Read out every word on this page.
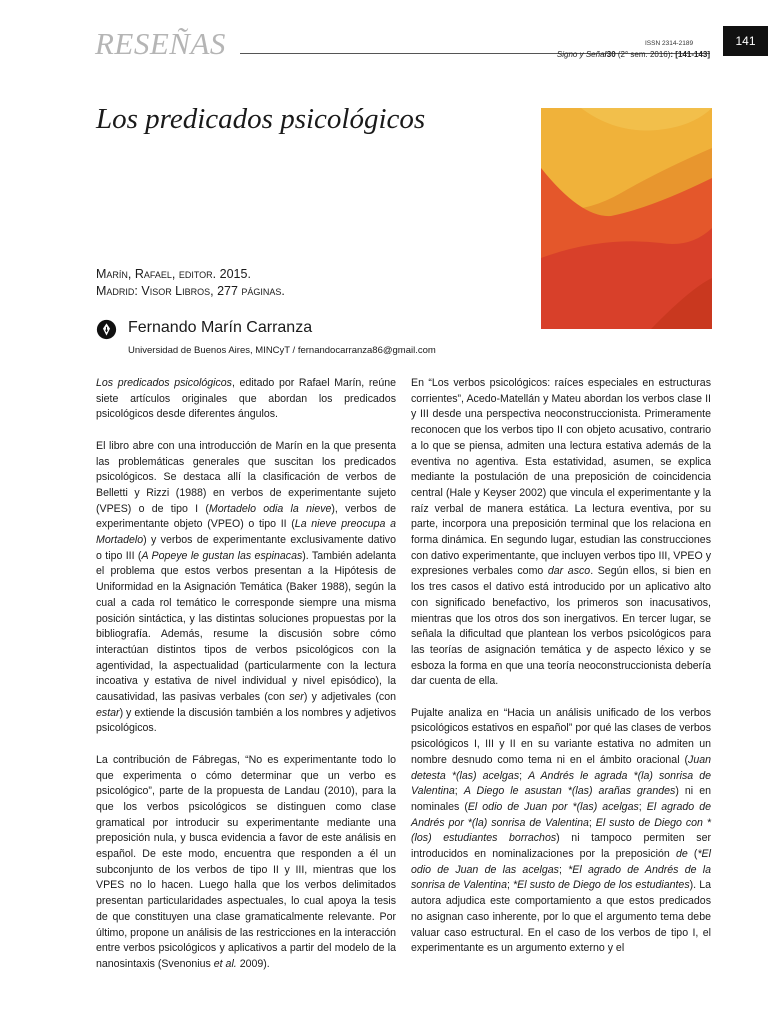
RESEÑAS	ISSN 2314-2189
Signo y Seña/30 (2° sem. 2016): [141-143]
141
Los predicados psicológicos
Marín, Rafael, editor. 2015.
Madrid: Visor Libros, 277 páginas.
Fernando Marín Carranza
Universidad de Buenos Aires, MINCyT / fernandocarranza86@gmail.com

Los predicados psicológicos, editado por Rafael Marín, reúne siete artículos originales que abordan los predicados psicológicos desde diferentes ángulos.

El libro abre con una introducción de Marín en la que presenta las problemáticas generales que suscitan los predicados psicológicos. Se destaca allí la clasificación de verbos de Belletti y Rizzi (1988) en verbos de experimentante sujeto (VPES) o de tipo I (Mortadelo odia la nieve), verbos de experimentante objeto (VPEO) o tipo II (La nieve preocupa a Mortadelo) y verbos de experimentante exclusivamente dativo o tipo III (A Popeye le gustan las espinacas). También adelanta el problema que estos verbos presentan a la Hipótesis de Uniformidad en la Asignación Temática (Baker 1988), según la cual a cada rol temático le corresponde siempre una misma posición sintáctica, y las distintas soluciones propuestas por la bibliografía. Además, resume la discusión sobre cómo interactúan distintos tipos de verbos psicológicos con la agentividad, la aspectualidad (particularmente con la lectura incoativa y estativa de nivel individual y nivel episódico), la causatividad, las pasivas verbales (con ser) y adjetivales (con estar) y extiende la discusión también a los nombres y adjetivos psicológicos.

La contribución de Fábregas, “No es experimentante todo lo que experimenta o cómo determinar que un verbo es psicológico”, parte de la propuesta de Landau (2010), para la que los verbos psicológicos se distinguen como clase gramatical por introducir su experimentante mediante una preposición nula, y busca evidencia a favor de este análisis en español. De este modo, encuentra que responden a él un subconjunto de los verbos de tipo II y III, mientras que los VPES no lo hacen. Luego halla que los verbos delimitados presentan particularidades aspectuales, lo cual apoya la tesis de que constituyen una clase gramaticalmente relevante. Por último, propone un análisis de las restricciones en la interacción entre verbos psicológicos y aplicativos a partir del modelo de la nanosintaxis (Svenonius et al. 2009).

En “Los verbos psicológicos: raíces especiales en estructuras corrientes”, Acedo-Matellán y Mateu abordan los verbos clase II y III desde una perspectiva neoconstruccionista. Primeramente reconocen que los verbos tipo II con objeto acusativo, contrario a lo que se piensa, admiten una lectura estativa además de la eventiva no agentiva. Esta estatividad, asumen, se explica mediante la postulación de una preposición de coincidencia central (Hale y Keyser 2002) que vincula el experimentante y la raíz verbal de manera estática. La lectura eventiva, por su parte, incorpora una preposición terminal que los relaciona en forma dinámica. En segundo lugar, estudian las construcciones con dativo experimentante, que incluyen verbos tipo III, VPEO y expresiones verbales como dar asco. Según ellos, si bien en los tres casos el dativo está introducido por un aplicativo alto con significado benefactivo, los primeros son inacusativos, mientras que los otros dos son inergativos. En tercer lugar, se señala la dificultad que plantean los verbos psicológicos para las teorías de asignación temática y de aspecto léxico y se esboza la forma en que una teoría neoconstruccionista debería dar cuenta de ella.

Pujalte analiza en “Hacia un análisis unificado de los verbos psicológicos estativos en español” por qué las clases de verbos psicológicos I, III y II en su variante estativa no admiten un nombre desnudo como tema ni en el ámbito oracional (Juan detesta *(las) acelgas; A Andrés le agrada *(la) sonrisa de Valentina; A Diego le asustan *(las) arañas grandes) ni en nominales (El odio de Juan por *(las) acelgas; El agrado de Andrés por *(la) sonrisa de Valentina; El susto de Diego con *(los) estudiantes borrachos) ni tampoco permiten ser introducidos en nominalizaciones por la preposición de (*El odio de Juan de las acelgas; *El agrado de Andrés de la sonrisa de Valentina; *El susto de Diego de los estudiantes). La autora adjudica este comportamiento a que estos predicados no asignan caso inherente, por lo que el argumento tema debe valuar caso estructural. En el caso de los verbos de tipo I, el experimentante es un argumento externo y el
